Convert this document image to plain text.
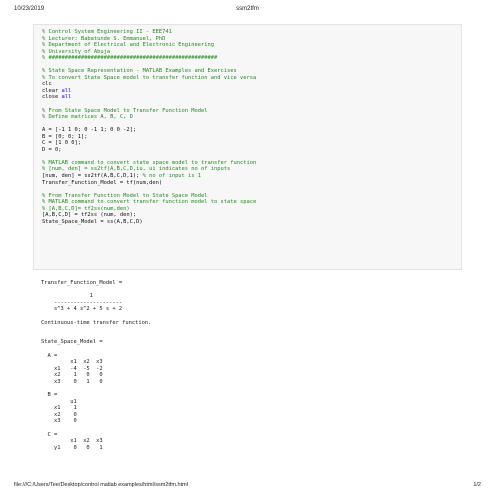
10/23/2019	ssm2tfm
% Control System Engineering II - EEE741
% Lecturer: Babatunde S. Emmanuel, PhD
% Department of Electrical and Electronic Engineering
% University of Abuja
% ####################################################

% State Space Representation - MATLAB Examples and Exercises
% To convert State Space model to transfer function and vice versa
clc
clear all
close all

% From State Space Model to Transfer Function Model
% Define matrices A, B, C, D

A = [-1 1 0; 0 -1 1; 0 0 -2];
B = [0; 0; 1];
C = [1 0 0];
D = 0;

% MATLAB command to convert state space model to transfer function
% [num, den] = ss2tf(A,B,C,D,iu, ui indicates no of inputs
[num, den] = ss2tf(A,B,C,D,1); % no of input is 1
Transfer_Function_Model = tf(num,den)

% From Transfer Function Model to State Space Model
% MATLAB command to convert transfer function model to state space
% [A,B,C,D]= tf2ss(num,den)
[A,B,C,D] = tf2ss (num, den);
State_Space_Model = ss(A,B,C,D)
Transfer_Function_Model =

1
---------------------
s^3 + 4 s^2 + 5 s + 2

Continuous-time transfer function.

State_Space_Model =

A =
x1  x2  x3
x1   -4  -5  -2
x2    1   0   0
x3    0   1   0

B =
u1
x1    1
x2    0
x3    0

C =
x1  x2  x3
y1    0   0   1
file:///C:/Users/Tee/Desktop/control matlab examples/html/ssm2tfm.html	1/2
